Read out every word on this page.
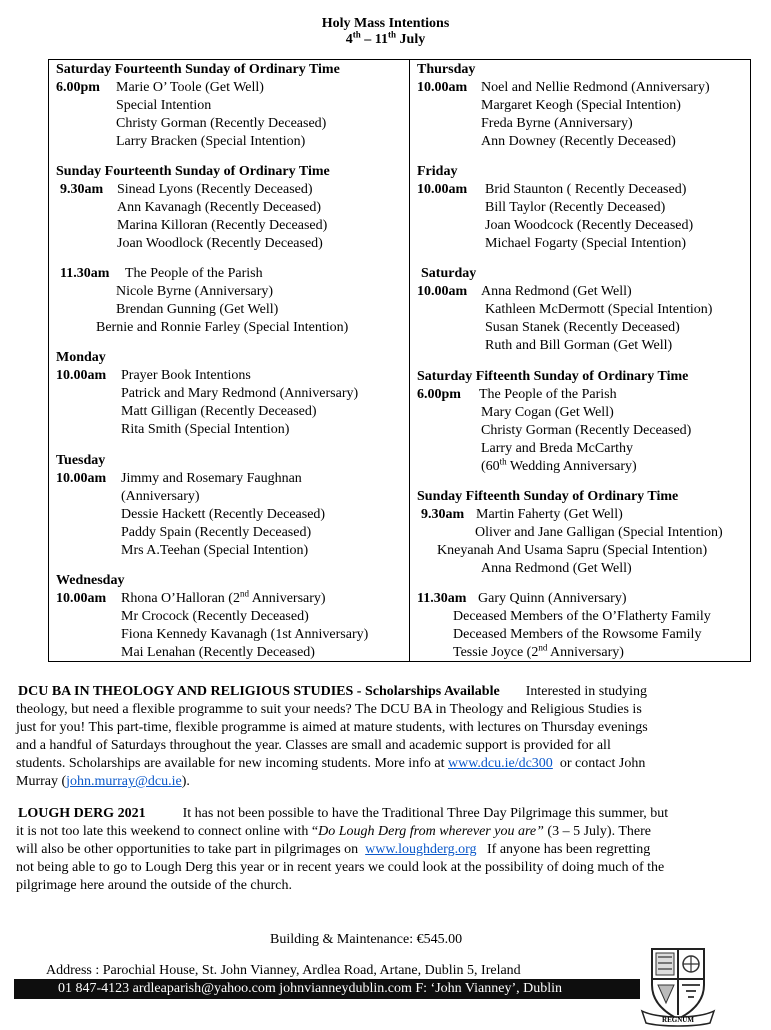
Holy Mass Intentions
4th – 11th July
Saturday Fourteenth Sunday of Ordinary Time
6.00pm Marie O’ Toole (Get Well)
Special Intention
Christy Gorman (Recently Deceased)
Larry Bracken (Special Intention)
Sunday Fourteenth Sunday of Ordinary Time
9.30am Sinead Lyons (Recently Deceased)
Ann Kavanagh (Recently Deceased)
Marina Killoran (Recently Deceased)
Joan Woodlock (Recently Deceased)
11.30am The People of the Parish
Nicole Byrne (Anniversary)
Brendan Gunning (Get Well)
Bernie and Ronnie Farley (Special Intention)
Monday
10.00am Prayer Book Intentions
Patrick and Mary Redmond (Anniversary)
Matt Gilligan (Recently Deceased)
Rita Smith (Special Intention)
Tuesday
10.00am Jimmy and Rosemary Faughnan
(Anniversary)
Dessie Hackett (Recently Deceased)
Paddy Spain (Recently Deceased)
Mrs A.Teehan (Special Intention)
Wednesday
10.00am Rhona O’Halloran (2nd Anniversary)
Mr Crocock (Recently Deceased)
Fiona Kennedy Kavanagh (1st Anniversary)
Mai Lenahan (Recently Deceased)
Thursday
10.00am Noel and Nellie Redmond (Anniversary)
Margaret Keogh (Special Intention)
Freda Byrne (Anniversary)
Ann Downey (Recently Deceased)
Friday
10.00am Brid Staunton ( Recently Deceased)
Bill Taylor (Recently Deceased)
Joan Woodcock (Recently Deceased)
Michael Fogarty (Special Intention)
Saturday
10.00am Anna Redmond (Get Well)
Kathleen McDermott (Special Intention)
Susan Stanek (Recently Deceased)
Ruth and Bill Gorman (Get Well)
Saturday Fifteenth Sunday of Ordinary Time
6.00pm The People of the Parish
Mary Cogan (Get Well)
Christy Gorman (Recently Deceased)
Larry and Breda McCarthy
(60th Wedding Anniversary)
Sunday Fifteenth Sunday of Ordinary Time
9.30am Martin Faherty (Get Well)
Oliver and Jane Galligan (Special Intention)
Kneyanah And Usama Sapru (Special Intention)
Anna Redmond (Get Well)
11.30am Gary Quinn (Anniversary)
Deceased Members of the O’Flatherty Family
Deceased Members of the Rowsome Family
Tessie Joyce (2nd Anniversary)
DCU BA IN THEOLOGY AND RELIGIOUS STUDIES - Scholarships Available Interested in studying
theology, but need a flexible programme to suit your needs? The DCU BA in Theology and Religious Studies is
just for you! This part-time, flexible programme is aimed at mature students, with lectures on Thursday evenings
and a handful of Saturdays throughout the year. Classes are small and academic support is provided for all
students. Scholarships are available for new incoming students. More info at www.dcu.ie/dc300 or contact John
Murray (john.murray@dcu.ie).
LOUGH DERG 2021	It has not been possible to have the Traditional Three Day Pilgrimage this summer, but
it is not too late this weekend to connect online with “Do Lough Derg from wherever you are” (3 – 5 July). There
will also be other opportunities to take part in pilgrimages on www.loughderg.org If anyone has been regretting
not being able to go to Lough Derg this year or in recent years we could look at the possibility of doing much of the
pilgrimage here around the outside of the church.
Building & Maintenance: €545.00
Address : Parochial House, St. John Vianney, Ardlea Road, Artane, Dublin 5, Ireland
01 847-4123 ardleaparish@yahoo.com johnvianneydublin.com F: ‘John Vianney’, Dublin
REGNUM
